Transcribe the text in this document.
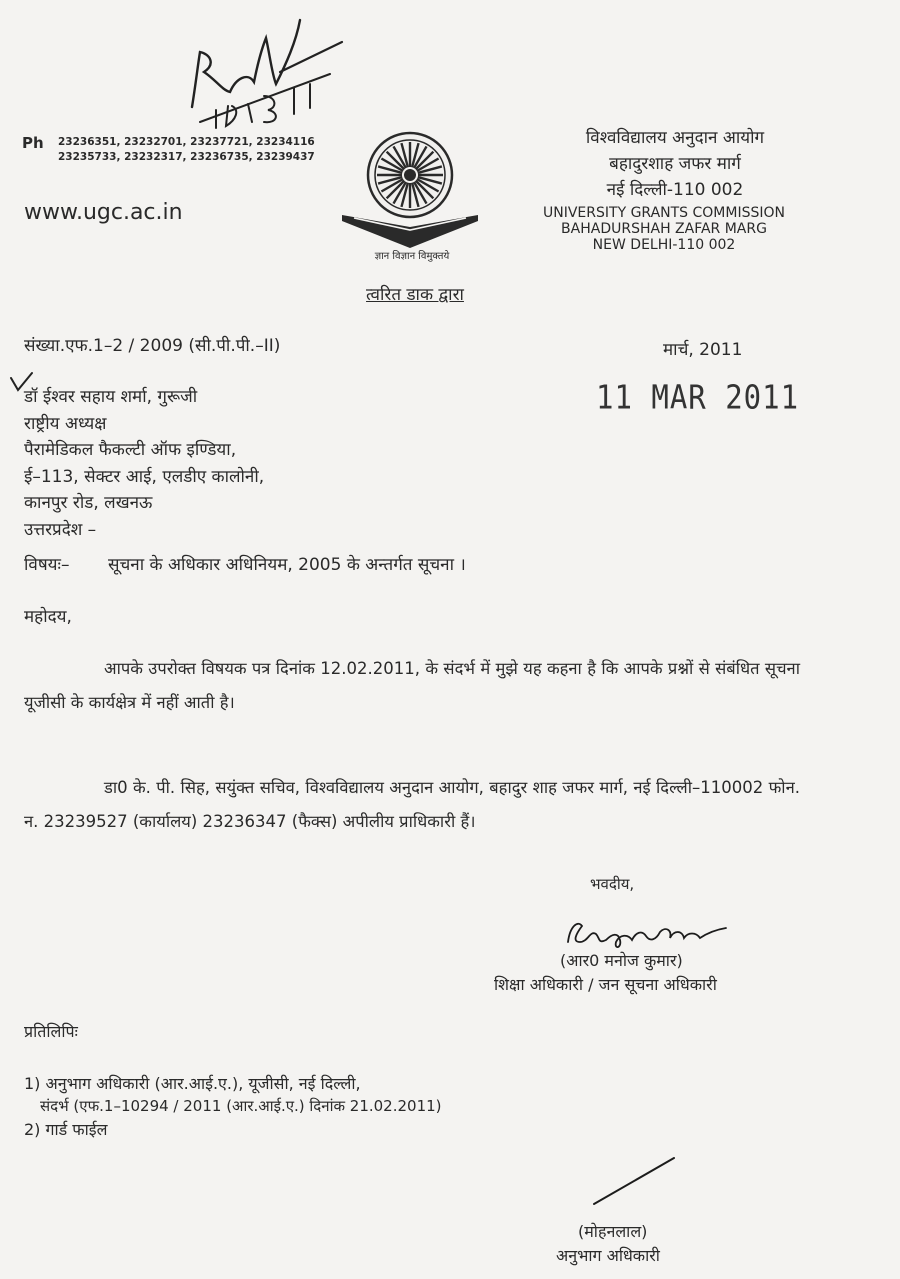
Ph 23236351, 23232701, 23237721, 23234116
23235733, 23232317, 23236735, 23239437
www.ugc.ac.in
ज्ञान विज्ञान विमुक्तये
त्वरित डाक द्वारा
विश्वविद्यालय अनुदान आयोग
बहादुरशाह जफर मार्ग
नई दिल्ली-110 002
UNIVERSITY GRANTS COMMISSION
BAHADURSHAH ZAFAR MARG
NEW DELHI-110 002
संख्या.एफ.1–2 / 2009 (सी.पी.पी.–II)	मार्च, 2011
11 MAR 2011
डॉ ईश्वर सहाय शर्मा, गुरूजी
राष्ट्रीय अध्यक्ष
पैरामेडिकल फैकल्टी ऑफ इण्डिया,
ई–113, सेक्टर आई, एलडीए कालोनी,
कानपुर रोड, लखनऊ
उत्तरप्रदेश –
विषयः– सूचना के अधिकार अधिनियम, 2005 के अन्तर्गत सूचना ।
महोदय,
आपके उपरोक्त विषयक पत्र दिनांक 12.02.2011, के संदर्भ में मुझे यह कहना है कि आपके प्रश्नों से संबंधित सूचना यूजीसी के कार्यक्षेत्र में नहीं आती है।
डा0 के. पी. सिह, सयुंक्त सचिव, विश्वविद्यालय अनुदान आयोग, बहादुर शाह जफर मार्ग, नई दिल्ली–110002 फोन. न. 23239527 (कार्यालय) 23236347 (फैक्स) अपीलीय प्राधिकारी हैं।
भवदीय,
(आर0 मनोज कुमार)
शिक्षा अधिकारी / जन सूचना अधिकारी
प्रतिलिपिः
1) अनुभाग अधिकारी (आर.आई.ए.), यूजीसी, नई दिल्ली,
संदर्भ (एफ.1–10294 / 2011 (आर.आई.ए.) दिनांक 21.02.2011)
2) गार्ड फाईल
(मोहनलाल)
अनुभाग अधिकारी
